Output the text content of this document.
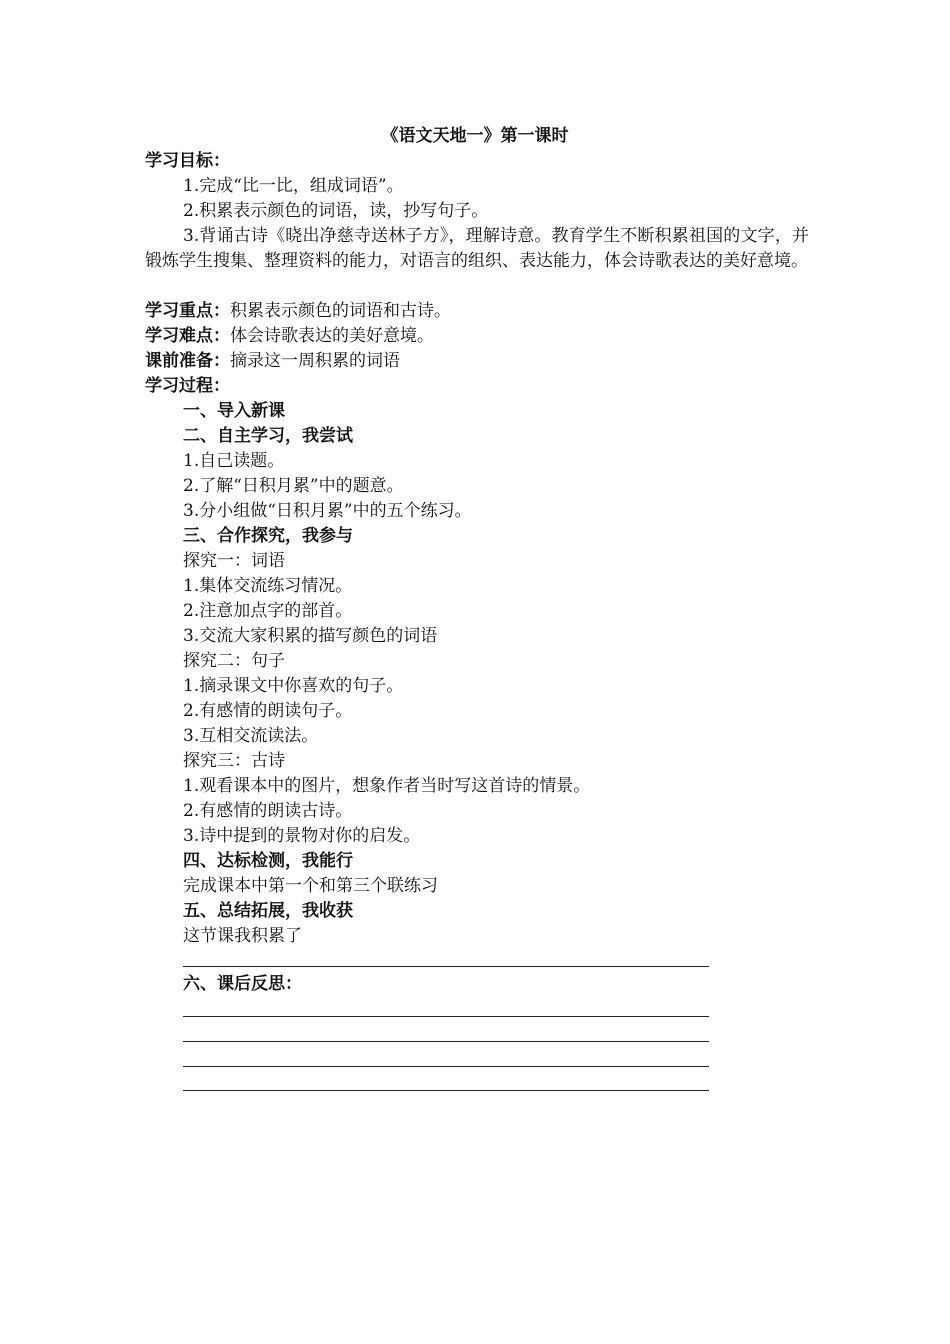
《语文天地一》第一课时
学习目标：
1.完成“比一比，组成词语”。
2.积累表示颜色的词语，读，抄写句子。
3.背诵古诗《晓出净慈寺送林子方》，理解诗意。教育学生不断积累祖国的文字，并锻炼学生搜集、整理资料的能力，对语言的组织、表达能力，体会诗歌表达的美好意境。
学习重点：积累表示颜色的词语和古诗。
学习难点：体会诗歌表达的美好意境。
课前准备：摘录这一周积累的词语
学习过程：
一、导入新课
二、自主学习，我尝试
1.自己读题。
2.了解“日积月累”中的题意。
3.分小组做“日积月累”中的五个练习。
三、合作探究，我参与
探究一：词语
1.集体交流练习情况。
2.注意加点字的部首。
3.交流大家积累的描写颜色的词语
探究二：句子
1.摘录课文中你喜欢的句子。
2.有感情的朗读句子。
3.互相交流读法。
探究三：古诗
1.观看课本中的图片，想象作者当时写这首诗的情景。
2.有感情的朗读古诗。
3.诗中提到的景物对你的启发。
四、达标检测，我能行
完成课本中第一个和第三个联练习
五、总结拓展，我收获
这节课我积累了
六、课后反思：
